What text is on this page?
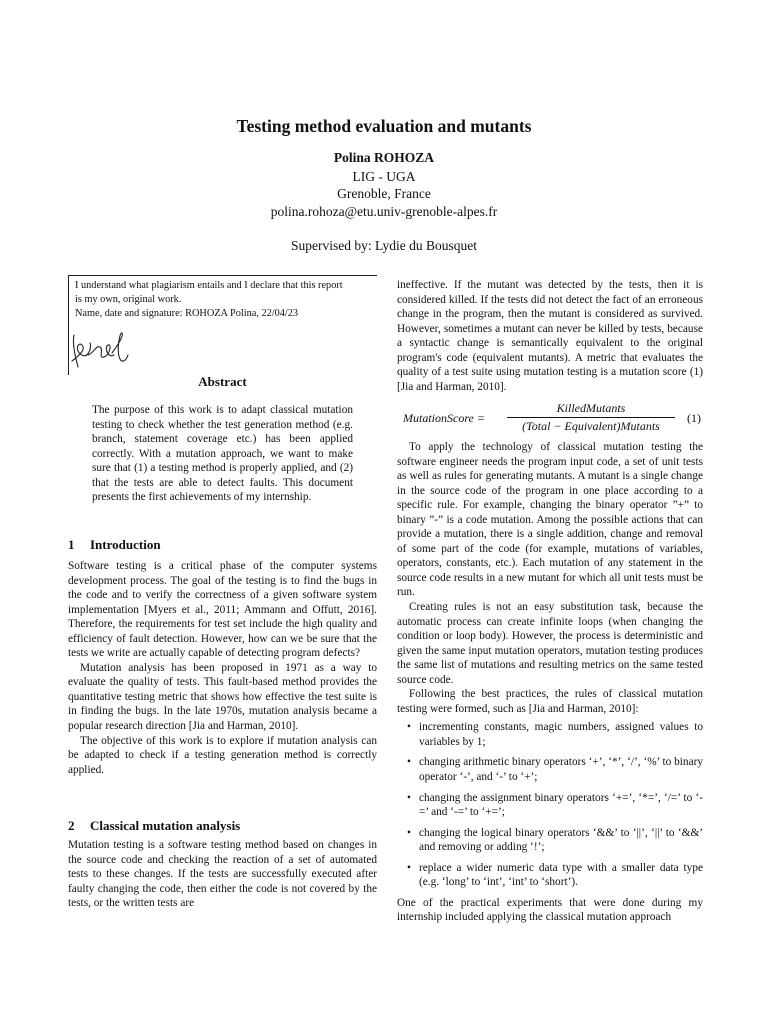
Testing method evaluation and mutants
Polina ROHOZA
LIG - UGA
Grenoble, France
polina.rohoza@etu.univ-grenoble-alpes.fr
Supervised by: Lydie du Bousquet
I understand what plagiarism entails and I declare that this report
is my own, original work.
Name, date and signature: ROHOZA Polina, 22/04/23
Abstract

The purpose of this work is to adapt classical mutation testing to check whether the test generation method (e.g. branch, statement coverage etc.) has been applied correctly. With a mutation approach, we want to make sure that (1) a testing method is properly applied, and (2) that the tests are able to detect faults. This document presents the first achievements of my internship.

1 Introduction

Software testing is a critical phase of the computer systems development process. The goal of the testing is to find the bugs in the code and to verify the correctness of a given software system implementation [Myers et al., 2011; Ammann and Offutt, 2016]. Therefore, the requirements for test set include the high quality and efficiency of fault detection. However, how can we be sure that the tests we write are actually capable of detecting program defects?

Mutation analysis has been proposed in 1971 as a way to evaluate the quality of tests. This fault-based method provides the quantitative testing metric that shows how effective the test suite is in finding the bugs. In the late 1970s, mutation analysis became a popular research direction [Jia and Harman, 2010].

The objective of this work is to explore if mutation analysis can be adapted to check if a testing generation method is correctly applied.

2 Classical mutation analysis

Mutation testing is a software testing method based on changes in the source code and checking the reaction of a set of automated tests to these changes. If the tests are successfully executed after faulty changing the code, then either the code is not covered by the tests, or the written tests are

ineffective. If the mutant was detected by the tests, then it is considered killed. If the tests did not detect the fact of an erroneous change in the program, then the mutant is considered as survived. However, sometimes a mutant can never be killed by tests, because a syntactic change is semantically equivalent to the original program's code (equivalent mutants). A metric that evaluates the quality of a test suite using mutation testing is a mutation score (1) [Jia and Harman, 2010].

MutationScore =
KilledMutants
(Total − Equivalent)Mutants
(1)

To apply the technology of classical mutation testing the software engineer needs the program input code, a set of unit tests as well as rules for generating mutants. A mutant is a single change in the source code of the program in one place according to a specific rule. For example, changing the binary operator ”+” to binary ”-” is a code mutation. Among the possible actions that can provide a mutation, there is a single addition, change and removal of some part of the code (for example, mutations of variables, operators, constants, etc.). Each mutation of any statement in the source code results in a new mutant for which all unit tests must be run.

Creating rules is not an easy substitution task, because the automatic process can create infinite loops (when changing the condition or loop body). However, the process is deterministic and given the same input mutation operators, mutation testing produces the same list of mutations and resulting metrics on the same tested source code.

Following the best practices, the rules of classical mutation testing were formed, such as [Jia and Harman, 2010]:

• incrementing constants, magic numbers, assigned values to variables by 1;
• changing arithmetic binary operators ‘+’, ‘*’, ‘/’, ‘%’ to binary operator ‘-’, and ‘-’ to ‘+’;
• changing the assignment binary operators ‘+=’, ‘*=’, ‘/=’ to ‘-=’ and ‘-=’ to ‘+=’;
• changing the logical binary operators ‘&&’ to ‘||’, ‘||’ to ‘&&’ and removing or adding ‘!’;
• replace a wider numeric data type with a smaller data type (e.g. ‘long’ to ‘int’, ‘int’ to ‘short’).

One of the practical experiments that were done during my internship included applying the classical mutation approach
